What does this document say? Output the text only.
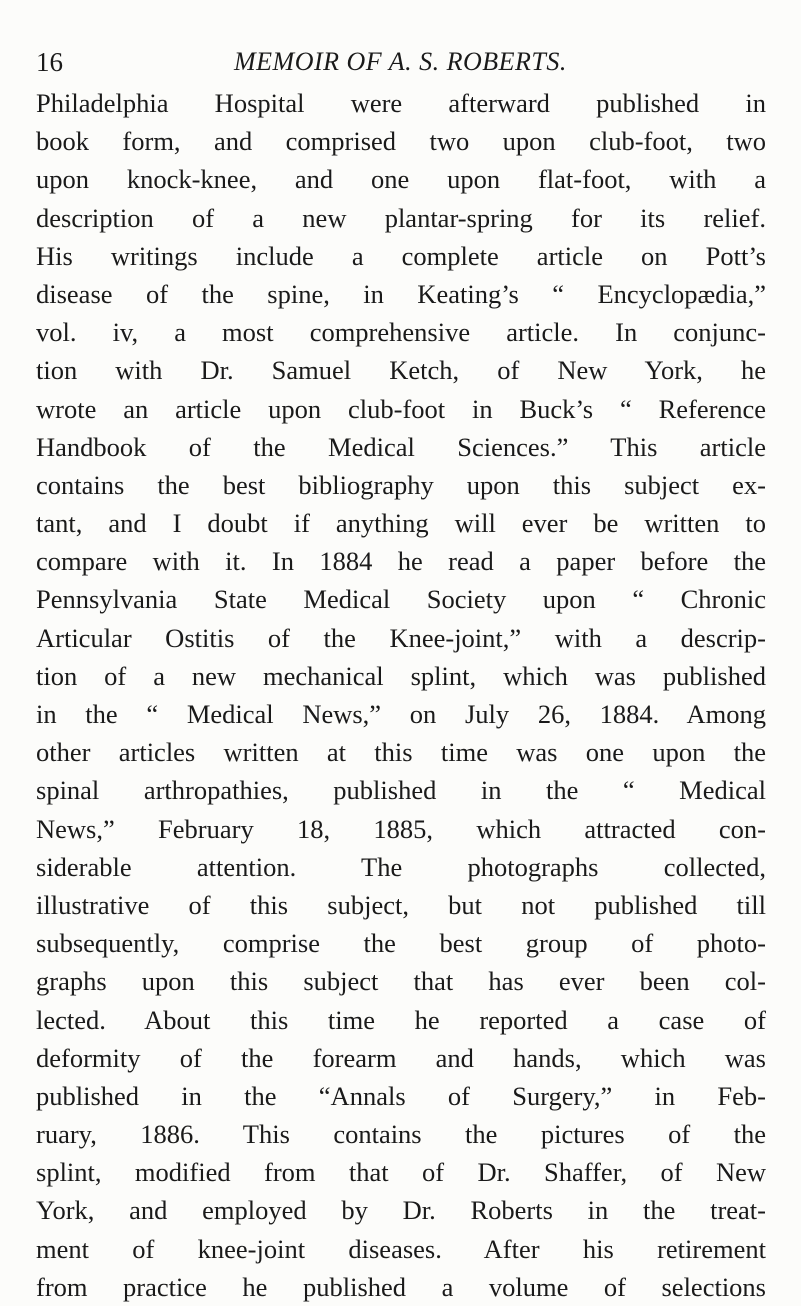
16	MEMOIR OF A. S. ROBERTS.
Philadelphia Hospital were afterward published in
book form, and comprised two upon club-foot, two
upon knock-knee, and one upon flat-foot, with a
description of a new plantar-spring for its relief.
His writings include a complete article on Pott’s
disease of the spine, in Keating’s “ Encyclopædia,”
vol. iv, a most comprehensive article. In conjunc-
tion with Dr. Samuel Ketch, of New York, he
wrote an article upon club-foot in Buck’s “ Reference
Handbook of the Medical Sciences.” This article
contains the best bibliography upon this subject ex-
tant, and I doubt if anything will ever be written to
compare with it. In 1884 he read a paper before the
Pennsylvania State Medical Society upon “ Chronic
Articular Ostitis of the Knee-joint,” with a descrip-
tion of a new mechanical splint, which was published
in the “ Medical News,” on July 26, 1884. Among
other articles written at this time was one upon the
spinal arthropathies, published in the “ Medical
News,” February 18, 1885, which attracted con-
siderable attention. The photographs collected,
illustrative of this subject, but not published till
subsequently, comprise the best group of photo-
graphs upon this subject that has ever been col-
lected. About this time he reported a case of
deformity of the forearm and hands, which was
published in the “Annals of Surgery,” in Feb-
ruary, 1886. This contains the pictures of the
splint, modified from that of Dr. Shaffer, of New
York, and employed by Dr. Roberts in the treat-
ment of knee-joint diseases. After his retirement
from practice he published a volume of selections
